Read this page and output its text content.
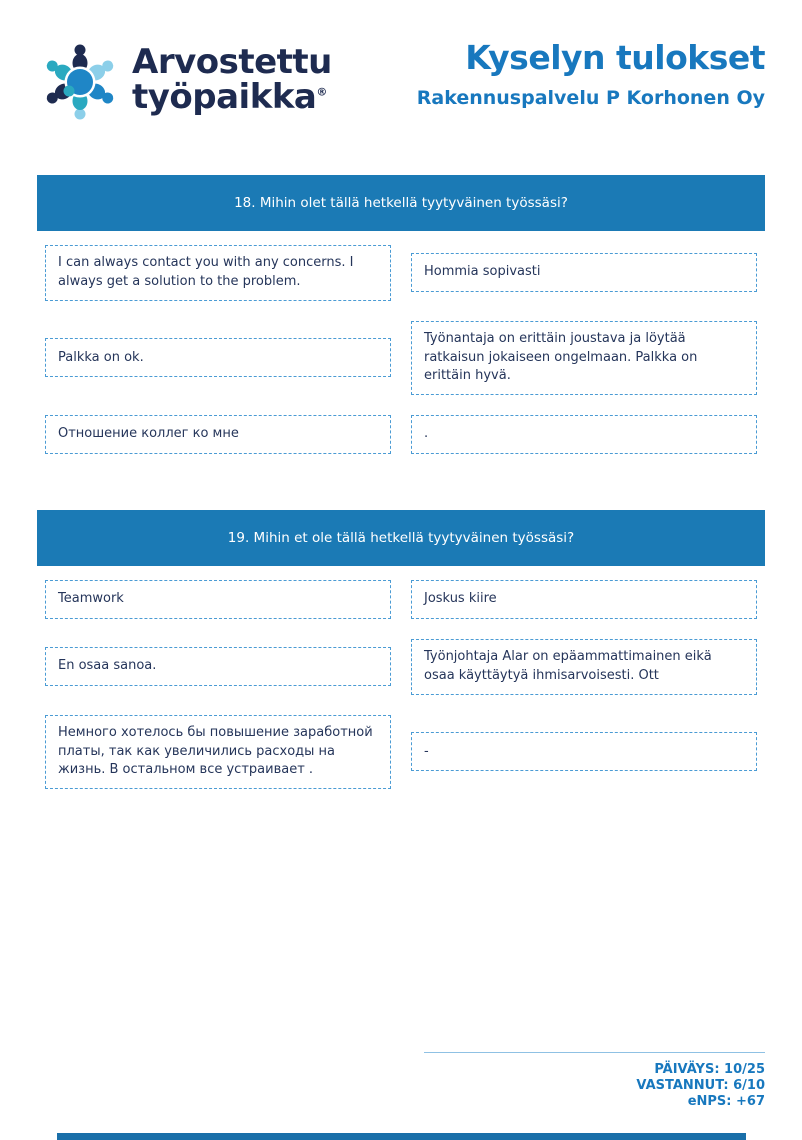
Arvostettu
työpaikka®
Kyselyn tulokset
Rakennuspalvelu P Korhonen Oy
18. Mihin olet tällä hetkellä tyytyväinen työssäsi?
I can always contact you with any concerns. I always get a solution to the problem.
Hommia sopivasti
Palkka on ok.
Työnantaja on erittäin joustava ja löytää ratkaisun jokaiseen ongelmaan. Palkka on erittäin hyvä.
Отношение коллег ко мне	.
19. Mihin et ole tällä hetkellä tyytyväinen työssäsi?
Teamwork	Joskus kiire
En osaa sanoa.
Työnjohtaja Alar on epäammattimainen eikä osaa käyttäytyä ihmisarvoisesti. Ott
Немного хотелось бы повышение заработной платы, так как увеличились расходы на жизнь. В остальном все устраивает .
-
PÄIVÄYS: 10/25
VASTANNUT: 6/10
eNPS: +67
